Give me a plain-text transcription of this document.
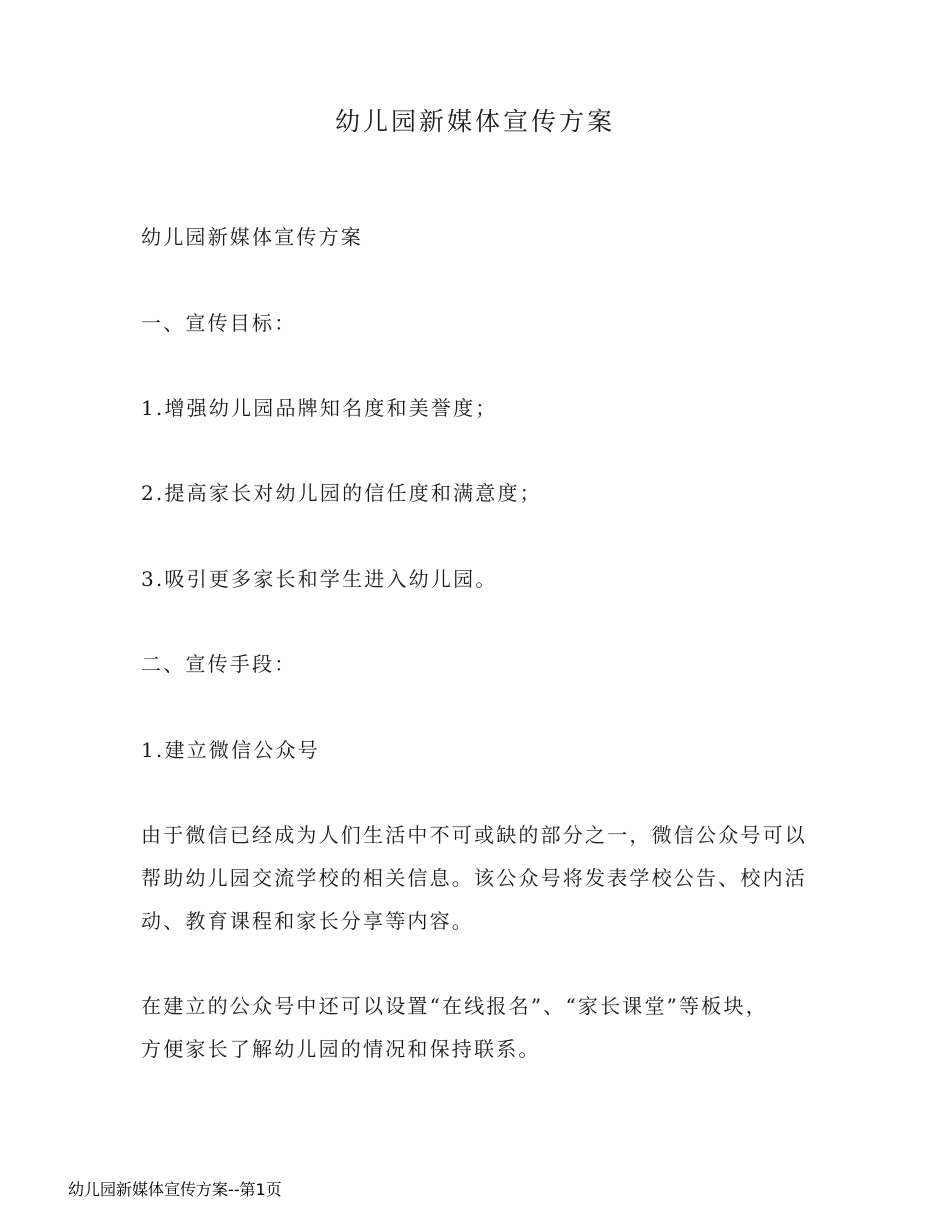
幼儿园新媒体宣传方案

幼儿园新媒体宣传方案

一、宣传目标：

1.增强幼儿园品牌知名度和美誉度；

2.提高家长对幼儿园的信任度和满意度；

3.吸引更多家长和学生进入幼儿园。

二、宣传手段：

1.建立微信公众号

由于微信已经成为人们生活中不可或缺的部分之一，微信公众号可以

帮助幼儿园交流学校的相关信息。该公众号将发表学校公告、校内活

动、教育课程和家长分享等内容。

在建立的公众号中还可以设置“在线报名”、“家长课堂”等板块，

方便家长了解幼儿园的情况和保持联系。

幼儿园新媒体宣传方案--第1页
